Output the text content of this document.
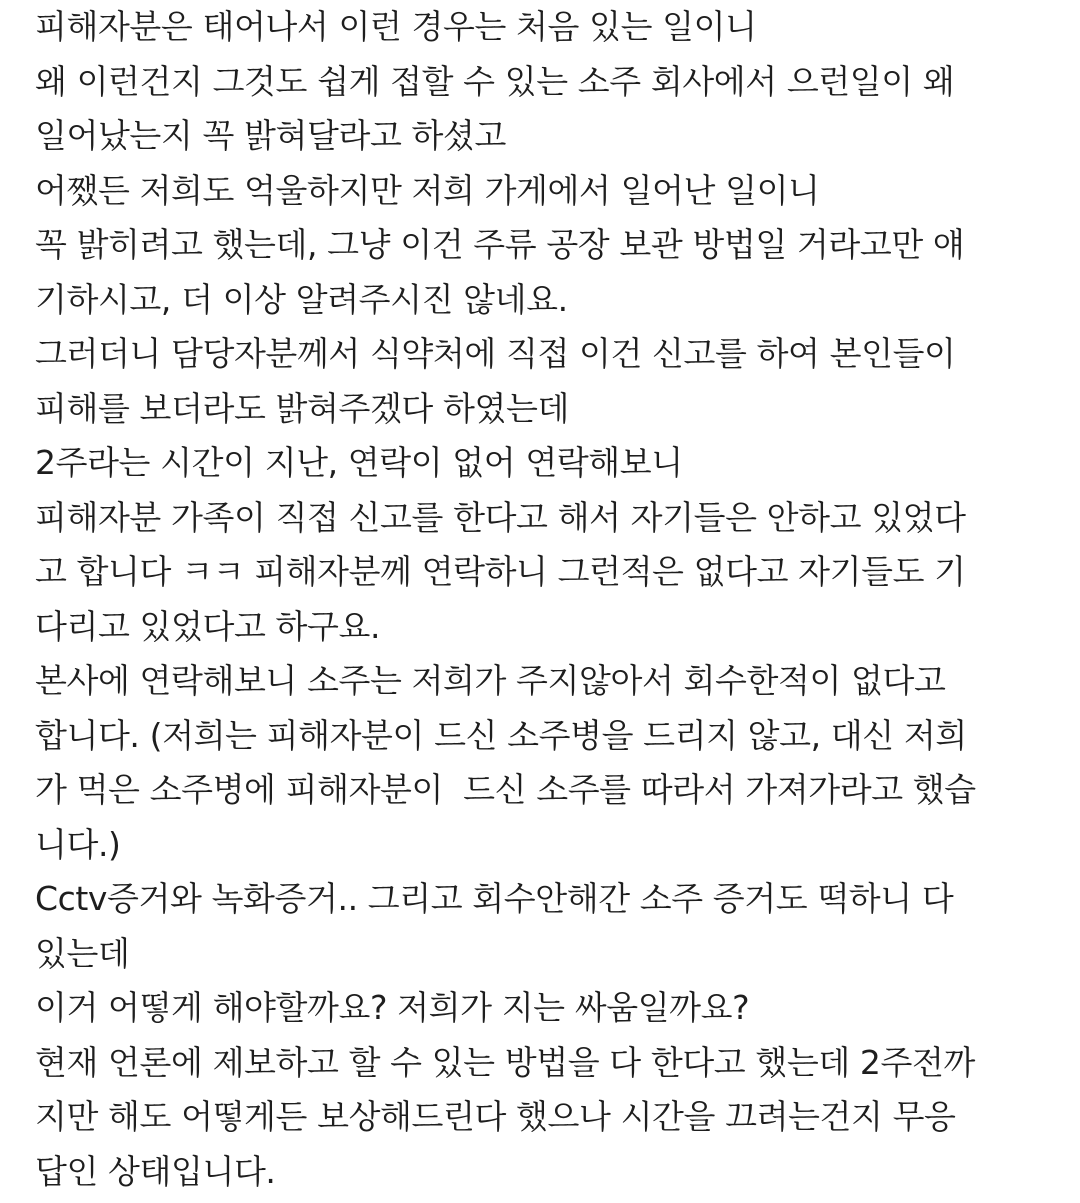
피해자분은 태어나서 이런 경우는 처음 있는 일이니
왜 이런건지 그것도 쉽게 접할 수 있는 소주 회사에서 으런일이 왜
일어났는지 꼭 밝혀달라고 하셨고
어쨌든 저희도 억울하지만 저희 가게에서 일어난 일이니
꼭 밝히려고 했는데, 그냥 이건 주류 공장 보관 방법일 거라고만 얘
기하시고, 더 이상 알려주시진 않네요.
그러더니 담당자분께서 식약처에 직접 이건 신고를 하여 본인들이
피해를 보더라도 밝혀주겠다 하였는데
2주라는 시간이 지난, 연락이 없어 연락해보니
피해자분 가족이 직접 신고를 한다고 해서 자기들은 안하고 있었다
고 합니다 ㅋㅋ 피해자분께 연락하니 그런적은 없다고 자기들도 기
다리고 있었다고 하구요.
본사에 연락해보니 소주는 저희가 주지않아서 회수한적이 없다고
합니다. (저희는 피해자분이 드신 소주병을 드리지 않고, 대신 저희
가 먹은 소주병에 피해자분이  드신 소주를 따라서 가져가라고 했습
니다.)
Cctv증거와 녹화증거.. 그리고 회수안해간 소주 증거도 떡하니 다
있는데
이거 어떻게 해야할까요? 저희가 지는 싸움일까요?
현재 언론에 제보하고 할 수 있는 방법을 다 한다고 했는데 2주전까
지만 해도 어떻게든 보상해드린다 했으나 시간을 끄려는건지 무응
답인 상태입니다.
